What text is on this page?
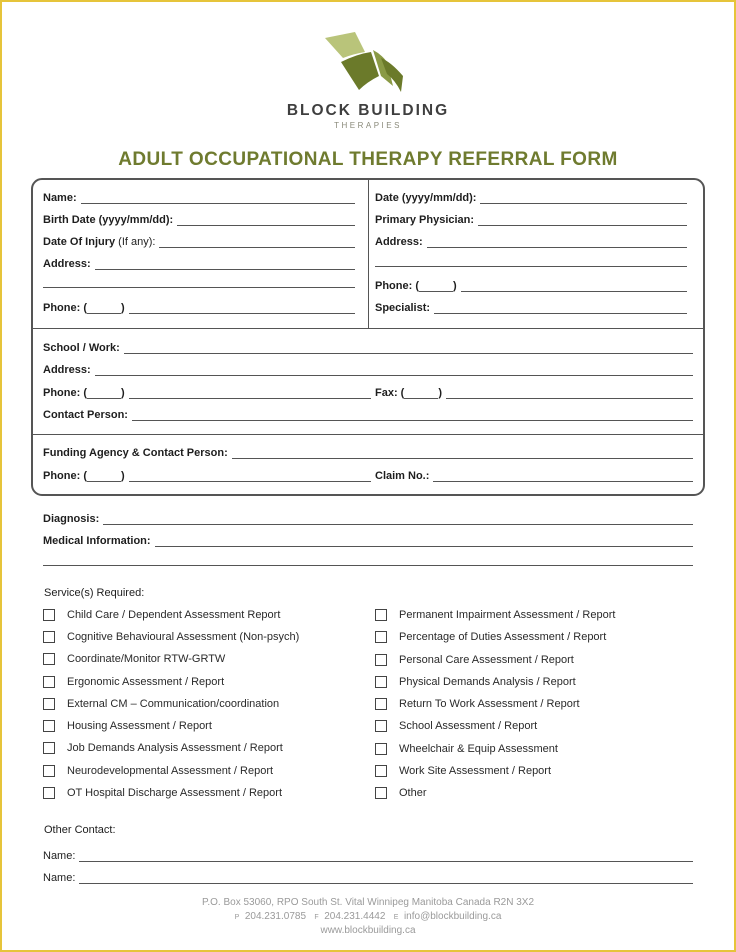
BLOCK BUILDING
THERAPIES
ADULT OCCUPATIONAL THERAPY REFERRAL FORM
Name:
Birth Date (yyyy/mm/dd):
Date Of Injury (If any):
Address:
Phone: (	)
Date (yyyy/mm/dd):
Primary Physician:
Address:
Phone: (	)
Specialist:
School / Work:
Address:
Phone: (	)	Fax: (	)
Contact Person:
Funding Agency & Contact Person:
Phone: (	)	Claim No.:
Diagnosis:
Medical Information:
Service(s) Required:
Child Care / Dependent Assessment Report
Cognitive Behavioural Assessment (Non-psych)
Coordinate/Monitor RTW-GRTW
Ergonomic Assessment / Report
External CM – Communication/coordination
Housing Assessment / Report
Job Demands Analysis Assessment / Report
Neurodevelopmental Assessment / Report
OT Hospital Discharge Assessment / Report
Permanent Impairment Assessment / Report
Percentage of Duties Assessment / Report
Personal Care Assessment / Report
Physical Demands Analysis / Report
Return To Work Assessment / Report
School Assessment / Report
Wheelchair & Equip Assessment
Work Site Assessment / Report
Other
Other Contact:
Name:
Name:
P.O. Box 53060, RPO South St. Vital Winnipeg Manitoba Canada R2N 3X2
P 204.231.0785 F 204.231.4442 E info@blockbuilding.ca
www.blockbuilding.ca
